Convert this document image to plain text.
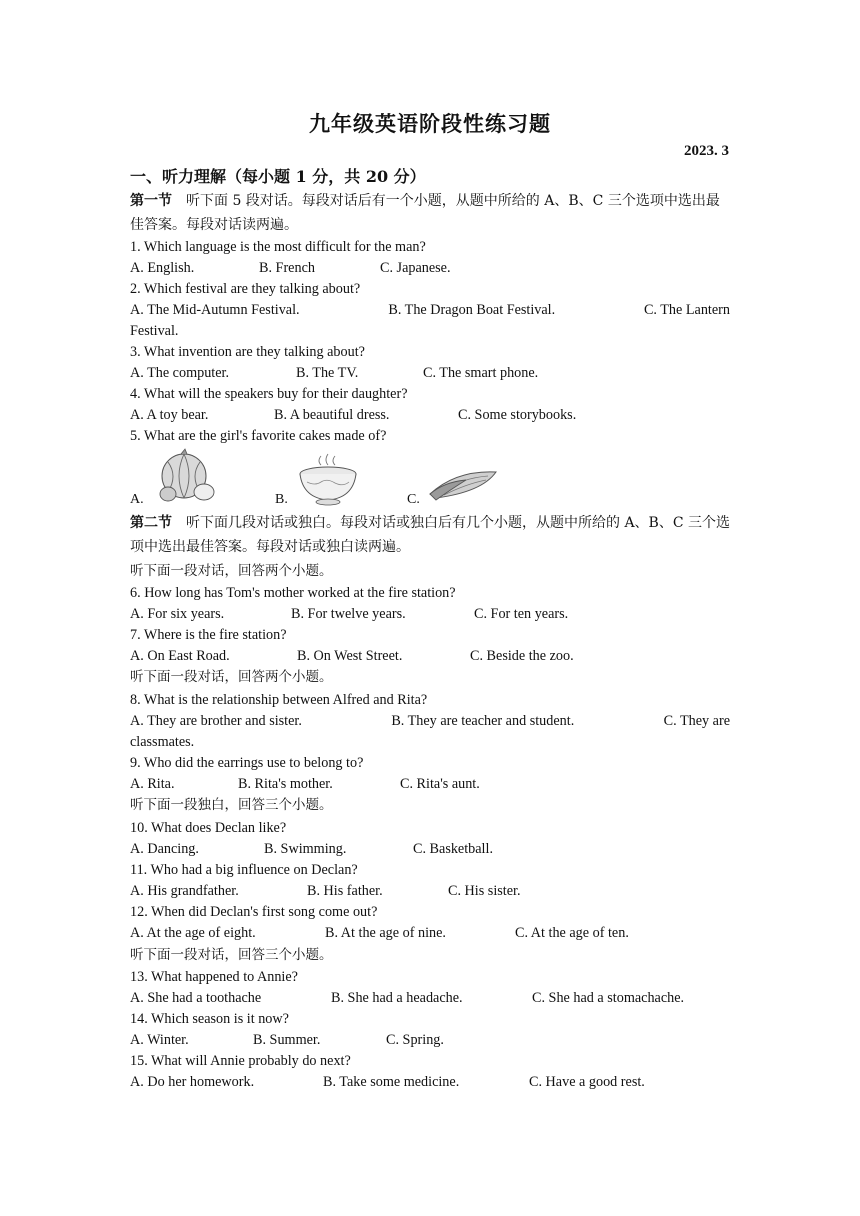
九年级英语阶段性练习题
2023. 3
一、听力理解（每小题 1 分，共 20 分）
第一节 听下面 5 段对话。每段对话后有一个小题，从题中所给的 A、B、C 三个选项中选出最佳答案。每段对话读两遍。
1. Which language is the most difficult for the man?
A. English.	B. French	C. Japanese.
2. Which festival are they talking about?
A. The Mid-Autumn Festival.	B. The Dragon Boat Festival.	C. The Lantern
Festival.
3. What invention are they talking about?
A. The computer.	B. The TV.	C. The smart phone.
4. What will the speakers buy for their daughter?
A. A toy bear.	B. A beautiful dress.	C. Some storybooks.
5. What are the girl's favorite cakes made of?
A.	B.	C.
第二节 听下面几段对话或独白。每段对话或独白后有几个小题，从题中所给的 A、B、C 三个选项中选出最佳答案。每段对话或独白读两遍。
听下面一段对话，回答两个小题。
6. How long has Tom's mother worked at the fire station?
A. For six years.	B. For twelve years.	C. For ten years.
7. Where is the fire station?
A. On East Road.	B. On West Street.	C. Beside the zoo.
听下面一段对话，回答两个小题。
8. What is the relationship between Alfred and Rita?
A. They are brother and sister.	B. They are teacher and student.	C. They are
classmates.
9. Who did the earrings use to belong to?
A. Rita.	B. Rita's mother.	C. Rita's aunt.
听下面一段独白，回答三个小题。
10. What does Declan like?
A. Dancing.	B. Swimming.	C. Basketball.
11. Who had a big influence on Declan?
A. His grandfather.	B. His father.	C. His sister.
12. When did Declan's first song come out?
A. At the age of eight.	B. At the age of nine.	C. At the age of ten.
听下面一段对话，回答三个小题。
13. What happened to Annie?
A. She had a toothache	B. She had a headache.	C. She had a stomachache.
14. Which season is it now?
A. Winter.	B. Summer.	C. Spring.
15. What will Annie probably do next?
A. Do her homework.	B. Take some medicine.	C. Have a good rest.
